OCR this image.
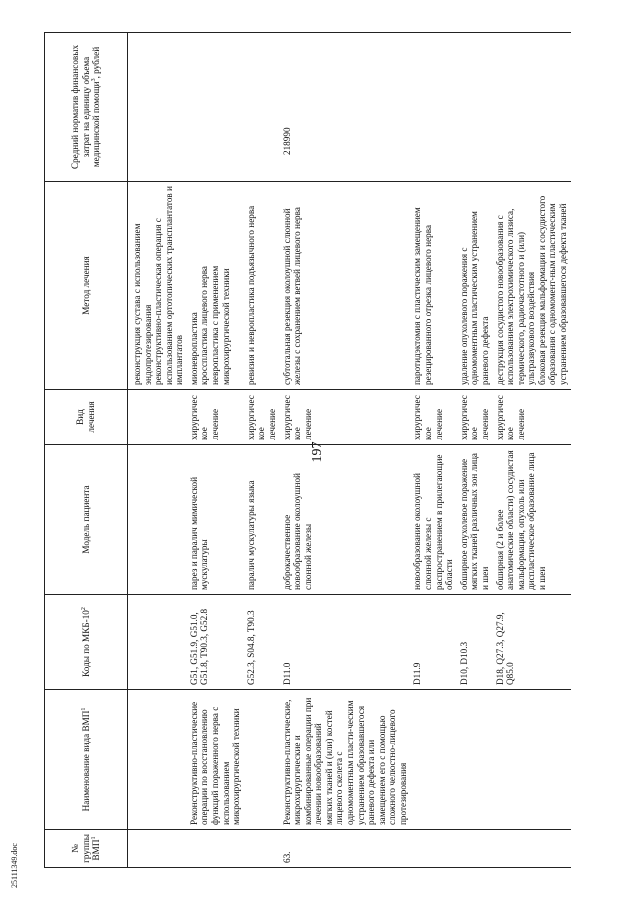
197
№ группы ВМП$^1$	Наименование вида ВМП$^1$	Коды по МКБ-$10^2$	Модель пациента	Вид лечения	Метод лечения	Средний норматив финансовых затрат на единицу объема медицинской помощи$^3$, рублей

					реконструкция сустава с использованием эндопротезирования реконструктивно-пластическая операция с использованием ортотопических трансплантатов и имплантатов	

	Реконструктивно-пластические операции по восстановлению функций пораженного нерва с использованием микрохирургической техники	G51, G51.9, G51.0, G51.8, T90.3, G52.8	парез и паралич мимической мускулатуры	хирургическое лечение	мионевропластика кросспластика лицевого нерва невропластика с применением микрохирургической техники	

		G52.3, S04.8, T90.3	паралич мускулатуры языка	хирургическое лечение	ревизия и невропластика подъязычного нерва	

63.	Реконструктивно-пластические, микрохирургические и комбинированные операции при лечении новообразований мягких тканей и (или) костей лицевого скелета с одномоментным пласти-ческим устранением образовавшегося раневого дефекта или замещением его с помощью сложного челюстно-лицевого протезирования	D11.0	доброкачественное новообразование околоушной слюнной железы	хирургическое лечение	субтотальная резекция околоушной слюнной железы с сохранением ветвей лицевого нерва	218990

		D11.9	новообразование околоушной слюнной железы с распространением в прилегающие области	хирургическое лечение	паротидэктомия с пластическим замещением резецированного отрезка лицевого нерва	

		D10, D10.3	обширное опухолевое поражение мягких тканей различных зон лица и шеи	хирургическое лечение	удаление опухолевого поражения с одномоментным пластическим устранением раневого дефекта	

		D18, Q27.3, Q27.9, Q85.0	обширная (2 и более анатомические области) сосудистая мальформация, опухоль или диспластическое образование лица и шеи	хирургическое лечение	деструкция сосудистого новообразования с использованием электрохимического лизиса, термического, радиочастотного и (или) ультразвукового воздействия блоковая резекция мальформации и сосудистого образования с одномомент-ным пластическим устранением образовавшегося дефекта тканей	

25111349.doc
